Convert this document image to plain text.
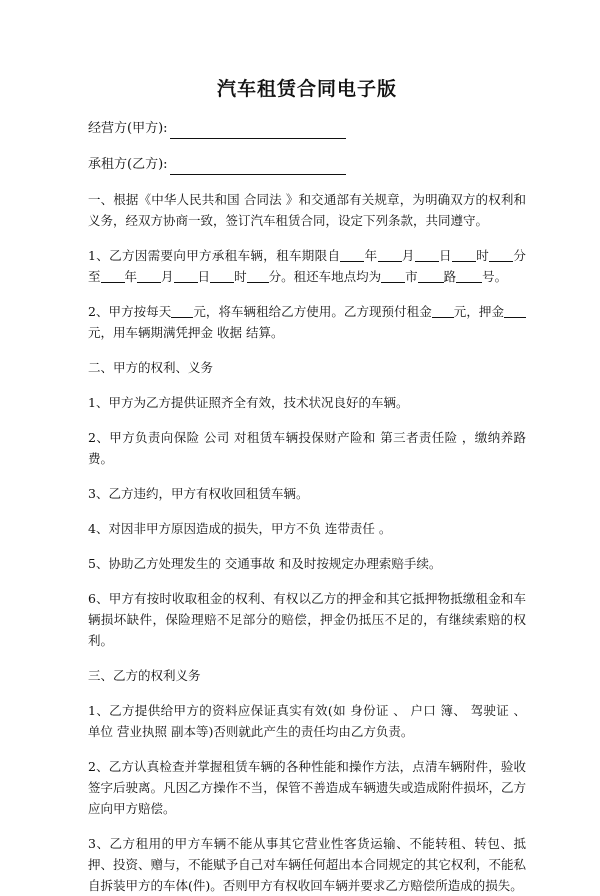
汽车租赁合同电子版
经营方(甲方):
承租方(乙方):

一、根据《中华人民共和国 合同法 》和交通部有关规章，为明确双方的权利和义务，经双方协商一致，签订汽车租赁合同，设定下列条款，共同遵守。

1、乙方因需要向甲方承租车辆，租车期限自 年 月 日 时 分至 年 月 日 时 分。租还车地点均为 市 路 号。

2、甲方按每天 元，将车辆租给乙方使用。乙方现预付租金 元，押金元，用车辆期满凭押金 收据 结算。

二、甲方的权利、义务

1、甲方为乙方提供证照齐全有效，技术状况良好的车辆。

2、甲方负责向保险 公司 对租赁车辆投保财产险和 第三者责任险 ，缴纳养路费。

3、乙方违约，甲方有权收回租赁车辆。

4、对因非甲方原因造成的损失，甲方不负 连带责任 。

5、协助乙方处理发生的 交通事故 和及时按规定办理索赔手续。

6、甲方有按时收取租金的权利、有权以乙方的押金和其它抵押物抵缴租金和车辆损坏缺件，保险理赔不足部分的赔偿，押金仍抵压不足的，有继续索赔的权利。

三、乙方的权利义务

1、乙方提供给甲方的资料应保证真实有效(如 身份证 、 户口 簿、 驾驶证 、 单位 营业执照 副本等)否则就此产生的责任均由乙方负责。

2、乙方认真检查并掌握租赁车辆的各种性能和操作方法，点清车辆附件，验收签字后驶离。凡因乙方操作不当，保管不善造成车辆遗失或造成附件损坏，乙方应向甲方赔偿。

3、乙方租用的甲方车辆不能从事其它营业性客货运输、不能转租、转包、抵押、投资、赠与，不能赋予自己对车辆任何超出本合同规定的其它权利，不能私自拆装甲方的车体(件)。否则甲方有权收回车辆并要求乙方赔偿所造成的损失。
